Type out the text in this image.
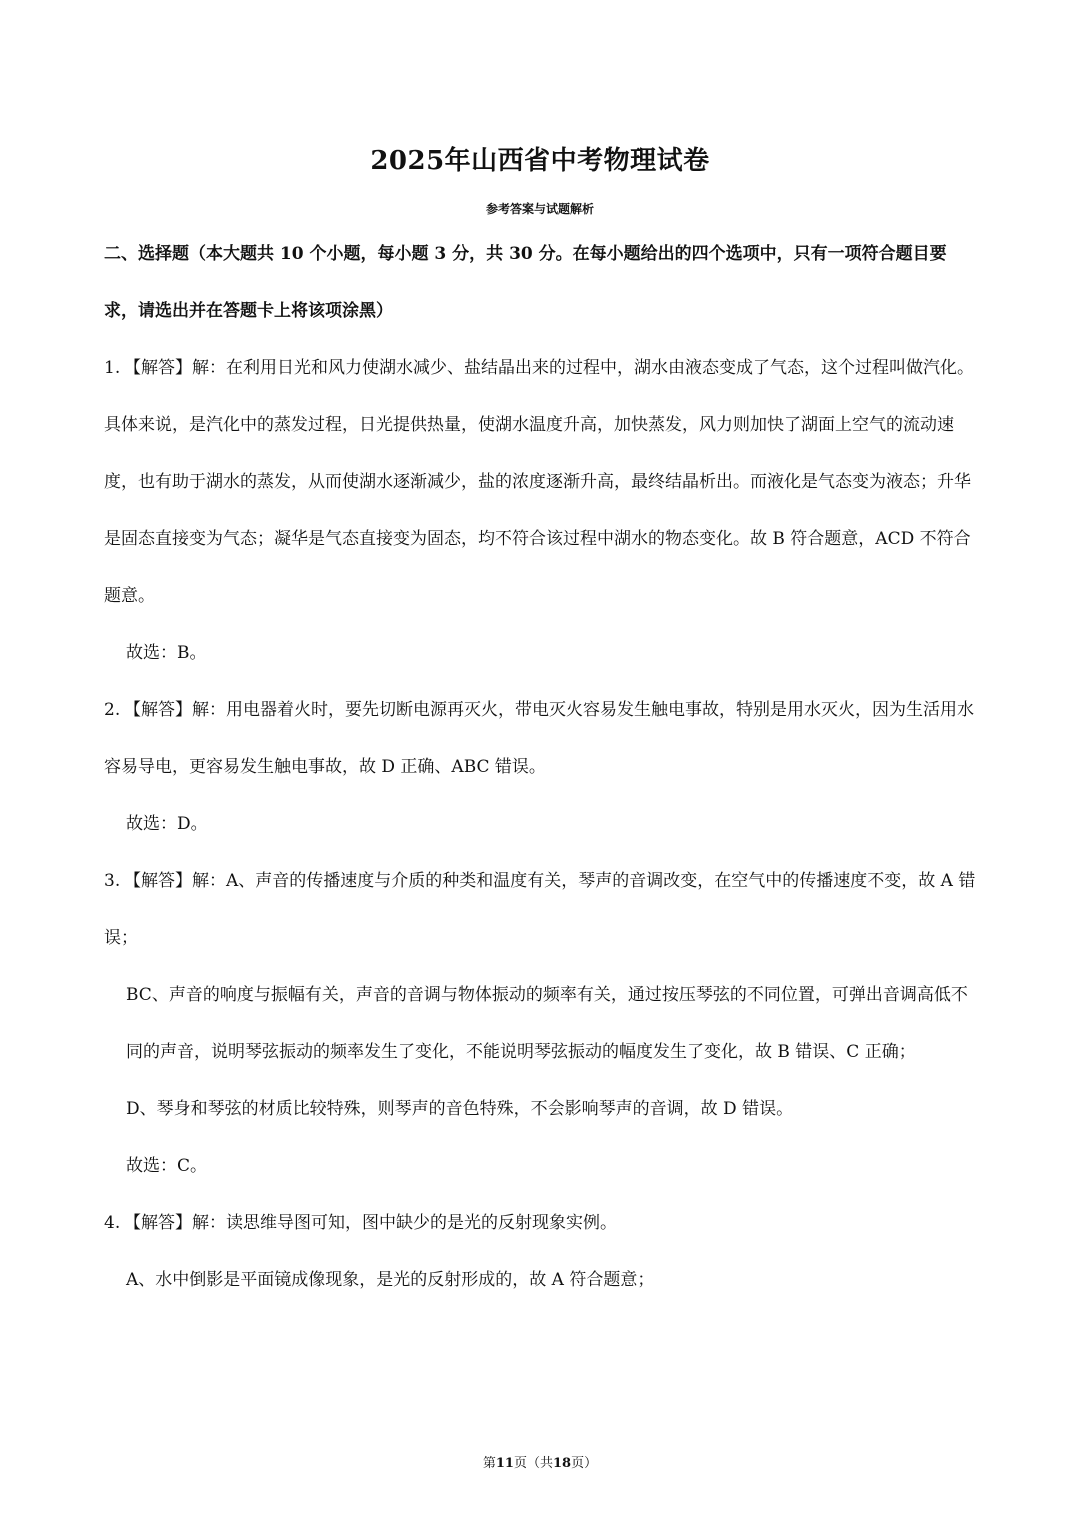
2025年山西省中考物理试卷
参考答案与试题解析

二、选择题（本大题共 10 个小题，每小题 3 分，共 30 分。在每小题给出的四个选项中，只有一项符合题目要求，请选出并在答题卡上将该项涂黑）

1. 【解答】解：在利用日光和风力使湖水减少、盐结晶出来的过程中，湖水由液态变成了气态，这个过程叫做汽化。具体来说，是汽化中的蒸发过程，日光提供热量，使湖水温度升高，加快蒸发，风力则加快了湖面上空气的流动速度，也有助于湖水的蒸发，从而使湖水逐渐减少，盐的浓度逐渐升高，最终结晶析出。而液化是气态变为液态；升华是固态直接变为气态；凝华是气态直接变为固态，均不符合该过程中湖水的物态变化。故 B 符合题意，ACD 不符合题意。

故选：B。

2. 【解答】解：用电器着火时，要先切断电源再灭火，带电灭火容易发生触电事故，特别是用水灭火，因为生活用水容易导电，更容易发生触电事故，故 D 正确、ABC 错误。

故选：D。

3. 【解答】解：A、声音的传播速度与介质的种类和温度有关，琴声的音调改变，在空气中的传播速度不变，故 A 错误；

BC、声音的响度与振幅有关，声音的音调与物体振动的频率有关，通过按压琴弦的不同位置，可弹出音调高低不同的声音，说明琴弦振动的频率发生了变化，不能说明琴弦振动的幅度发生了变化，故 B 错误、C 正确；

D、琴身和琴弦的材质比较特殊，则琴声的音色特殊，不会影响琴声的音调，故 D 错误。

故选：C。

4. 【解答】解：读思维导图可知，图中缺少的是光的反射现象实例。

A、水中倒影是平面镜成像现象，是光的反射形成的，故 A 符合题意；

第11页（共18页）
